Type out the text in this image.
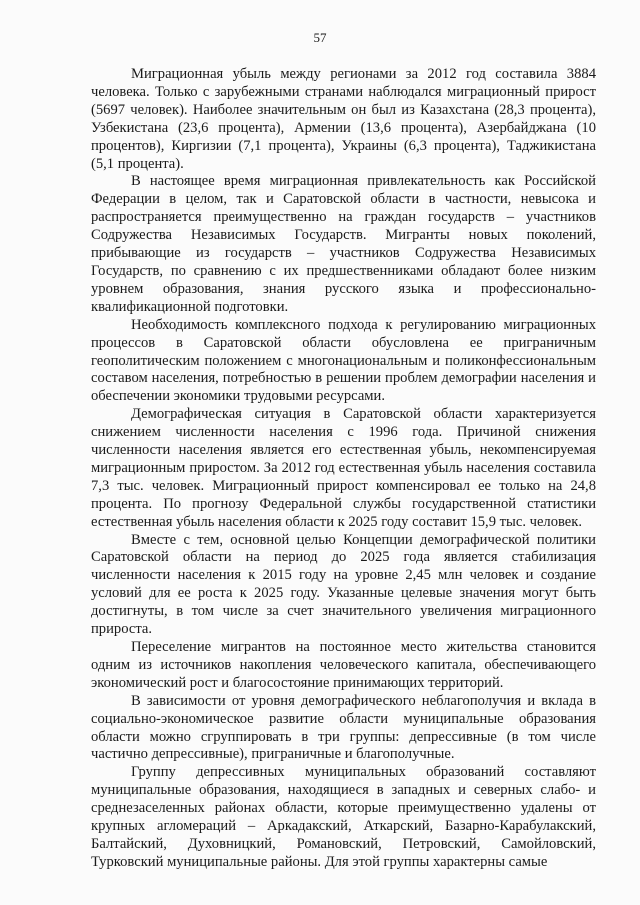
57

Миграционная убыль между регионами за 2012 год составила 3884 человека. Только с зарубежными странами наблюдался миграционный прирост (5697 человек). Наиболее значительным он был из Казахстана (28,3 процента), Узбекистана (23,6 процента), Армении (13,6 процента), Азербайджана (10 процентов), Киргизии (7,1 процента), Украины (6,3 процента), Таджикистана (5,1 процента).

В настоящее время миграционная привлекательность как Российской Федерации в целом, так и Саратовской области в частности, невысока и распространяется преимущественно на граждан государств – участников Содружества Независимых Государств. Мигранты новых поколений, прибывающие из государств – участников Содружества Независимых Государств, по сравнению с их предшественниками обладают более низким уровнем образования, знания русского языка и профессионально-квалификационной подготовки.

Необходимость комплексного подхода к регулированию миграционных процессов в Саратовской области обусловлена ее приграничным геополитическим положением с многонациональным и поликонфессиональным составом населения, потребностью в решении проблем демографии населения и обеспечении экономики трудовыми ресурсами.

Демографическая ситуация в Саратовской области характеризуется снижением численности населения с 1996 года. Причиной снижения численности населения является его естественная убыль, некомпенсируемая миграционным приростом. За 2012 год естественная убыль населения составила 7,3 тыс. человек. Миграционный прирост компенсировал ее только на 24,8 процента. По прогнозу Федеральной службы государственной статистики естественная убыль населения области к 2025 году составит 15,9 тыс. человек.

Вместе с тем, основной целью Концепции демографической политики Саратовской области на период до 2025 года является стабилизация численности населения к 2015 году на уровне 2,45 млн человек и создание условий для ее роста к 2025 году. Указанные целевые значения могут быть достигнуты, в том числе за счет значительного увеличения миграционного прироста.

Переселение мигрантов на постоянное место жительства становится одним из источников накопления человеческого капитала, обеспечивающего экономический рост и благосостояние принимающих территорий.

В зависимости от уровня демографического неблагополучия и вклада в социально-экономическое развитие области муниципальные образования области можно сгруппировать в три группы: депрессивные (в том числе частично депрессивные), приграничные и благополучные.

Группу депрессивных муниципальных образований составляют муниципальные образования, находящиеся в западных и северных слабо- и среднезаселенных районах области, которые преимущественно удалены от крупных агломераций – Аркадакский, Аткарский, Базарно-Карабулакский, Балтайский, Духовницкий, Романовский, Петровский, Самойловский, Турковский муниципальные районы. Для этой группы характерны самые
